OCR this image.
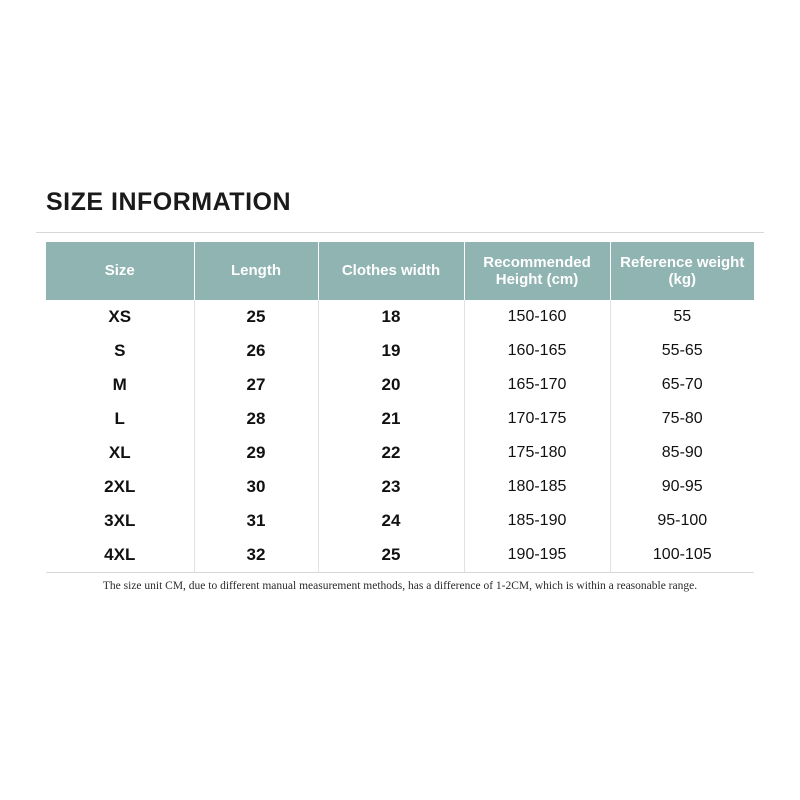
SIZE INFORMATION
Size	Length	Clothes width	Recommended Height (cm)	Reference weight (kg)
XS	25	18	150-160	55
S	26	19	160-165	55-65
M	27	20	165-170	65-70
L	28	21	170-175	75-80
XL	29	22	175-180	85-90
2XL	30	23	180-185	90-95
3XL	31	24	185-190	95-100
4XL	32	25	190-195	100-105
The size unit CM, due to different manual measurement methods, has a difference of 1-2CM, which is within a reasonable range.
